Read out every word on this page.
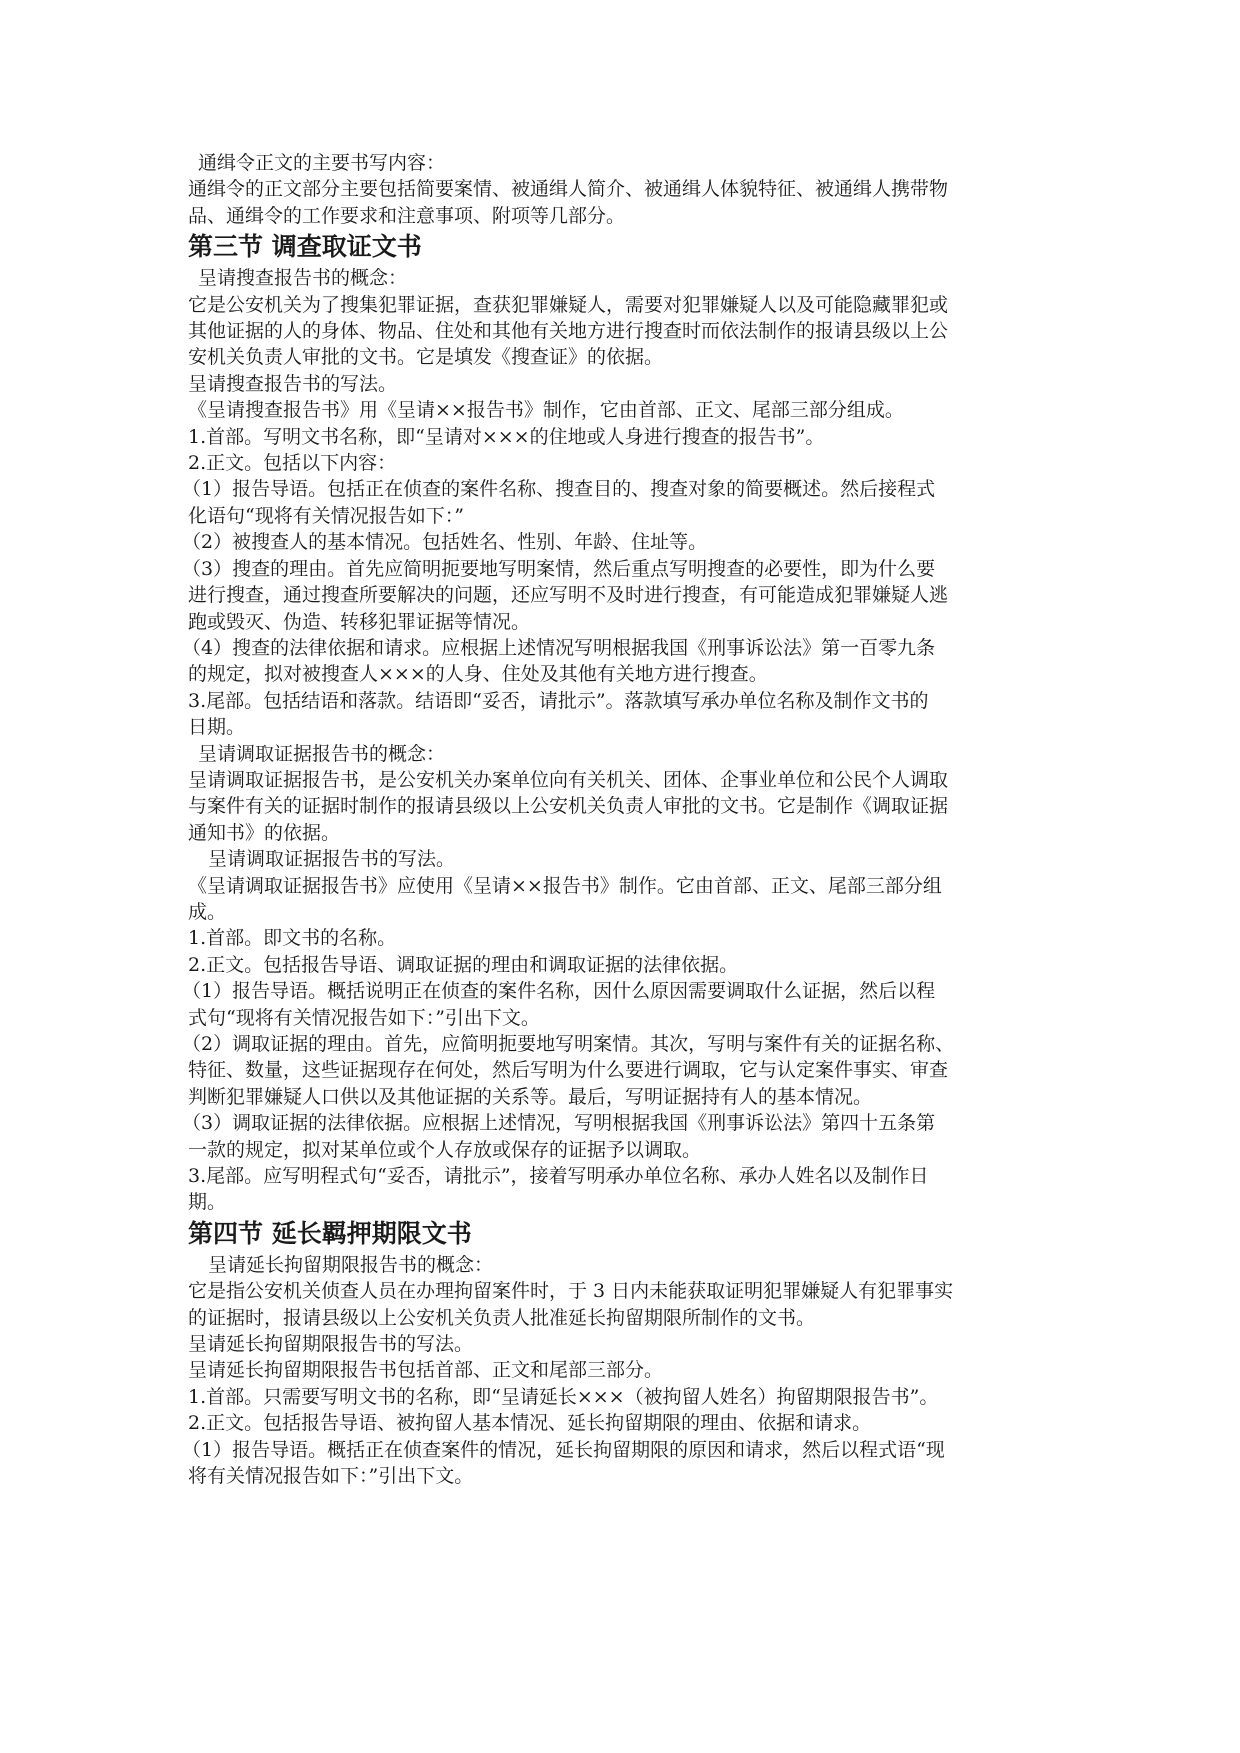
通缉令正文的主要书写内容：

通缉令的正文部分主要包括简要案情、被通缉人简介、被通缉人体貌特征、被通缉人携带物

品、通缉令的工作要求和注意事项、附项等几部分。

第三节 调查取证文书

呈请搜查报告书的概念：

它是公安机关为了搜集犯罪证据，查获犯罪嫌疑人，需要对犯罪嫌疑人以及可能隐藏罪犯或

其他证据的人的身体、物品、住处和其他有关地方进行搜查时而依法制作的报请县级以上公

安机关负责人审批的文书。它是填发《搜查证》的依据。

呈请搜查报告书的写法。

《呈请搜查报告书》用《呈请××报告书》制作，它由首部、正文、尾部三部分组成。

1.首部。写明文书名称，即“呈请对×××的住地或人身进行搜查的报告书”。

2.正文。包括以下内容：

（1）报告导语。包括正在侦查的案件名称、搜查目的、搜查对象的简要概述。然后接程式

化语句“现将有关情况报告如下：”

（2）被搜查人的基本情况。包括姓名、性别、年龄、住址等。

（3）搜查的理由。首先应简明扼要地写明案情，然后重点写明搜查的必要性，即为什么要

进行搜查，通过搜查所要解决的问题，还应写明不及时进行搜查，有可能造成犯罪嫌疑人逃

跑或毁灭、伪造、转移犯罪证据等情况。

（4）搜查的法律依据和请求。应根据上述情况写明根据我国《刑事诉讼法》第一百零九条

的规定，拟对被搜查人×××的人身、住处及其他有关地方进行搜查。

3.尾部。包括结语和落款。结语即“妥否，请批示”。落款填写承办单位名称及制作文书的

日期。

呈请调取证据报告书的概念：

呈请调取证据报告书，是公安机关办案单位向有关机关、团体、企事业单位和公民个人调取

与案件有关的证据时制作的报请县级以上公安机关负责人审批的文书。它是制作《调取证据

通知书》的依据。

呈请调取证据报告书的写法。

《呈请调取证据报告书》应使用《呈请××报告书》制作。它由首部、正文、尾部三部分组

成。

1.首部。即文书的名称。

2.正文。包括报告导语、调取证据的理由和调取证据的法律依据。

（1）报告导语。概括说明正在侦查的案件名称，因什么原因需要调取什么证据，然后以程

式句“现将有关情况报告如下：”引出下文。

（2）调取证据的理由。首先，应简明扼要地写明案情。其次，写明与案件有关的证据名称、

特征、数量，这些证据现存在何处，然后写明为什么要进行调取，它与认定案件事实、审查

判断犯罪嫌疑人口供以及其他证据的关系等。最后，写明证据持有人的基本情况。

（3）调取证据的法律依据。应根据上述情况，写明根据我国《刑事诉讼法》第四十五条第

一款的规定，拟对某单位或个人存放或保存的证据予以调取。

3.尾部。应写明程式句“妥否，请批示”，接着写明承办单位名称、承办人姓名以及制作日

期。

第四节 延长羁押期限文书

呈请延长拘留期限报告书的概念：

它是指公安机关侦查人员在办理拘留案件时，于 3 日内未能获取证明犯罪嫌疑人有犯罪事实

的证据时，报请县级以上公安机关负责人批准延长拘留期限所制作的文书。

呈请延长拘留期限报告书的写法。

呈请延长拘留期限报告书包括首部、正文和尾部三部分。

1.首部。只需要写明文书的名称，即“呈请延长×××（被拘留人姓名）拘留期限报告书”。

2.正文。包括报告导语、被拘留人基本情况、延长拘留期限的理由、依据和请求。

（1）报告导语。概括正在侦查案件的情况，延长拘留期限的原因和请求，然后以程式语“现

将有关情况报告如下：”引出下文。
